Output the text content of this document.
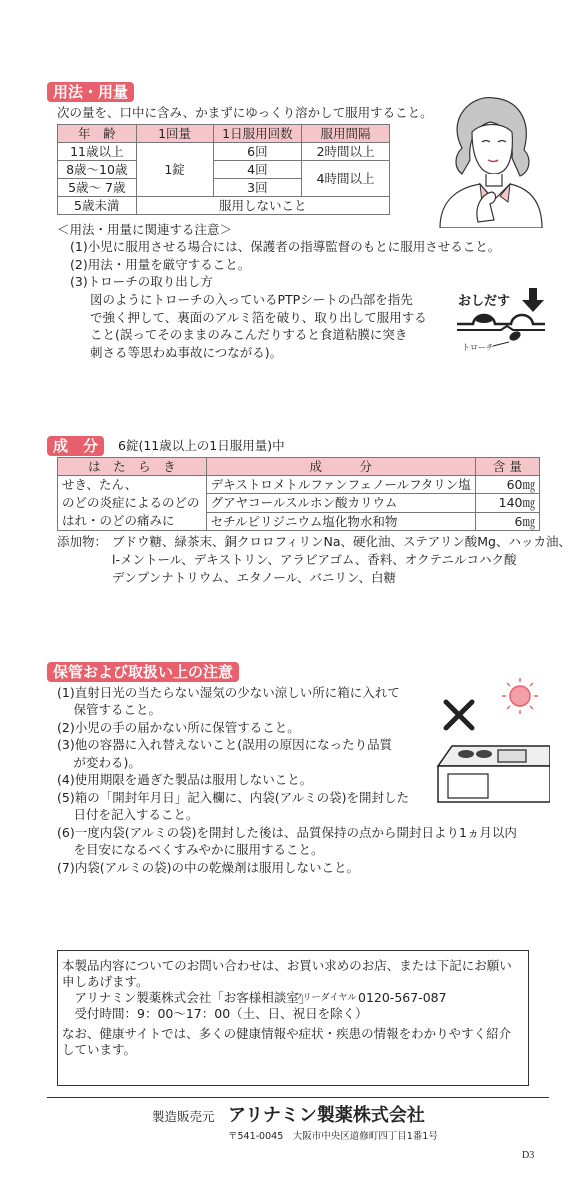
用法・用量
次の量を、口中に含み、かまずにゆっくり溶かして服用すること。
年　齢	1回量	1日服用回数	服用間隔
11歳以上	1錠	6回	2時間以上
8歳～10歳		4回	4時間以上
5歳～ 7歳		3回	
5歳未満	服用しないこと		
＜用法・用量に関連する注意＞
(1)小児に服用させる場合には、保護者の指導監督のもとに服用させること。
(2)用法・用量を厳守すること。
(3)トローチの取り出し方
図のようにトローチの入っているPTPシートの凸部を指先
で強く押して、裏面のアルミ箔を破り、取り出して服用する
こと(誤ってそのままのみこんだりすると食道粘膜に突き
刺さる等思わぬ事故につながる)。
おしだす
トローチ
成　分	6錠(11歳以上の1日服用量)中
は　た　ら　き	成　　　分	含 量

せき、たん、
のどの炎症によるのどの
はれ・のどの痛みに	デキストロメトルファンフェノールフタリン塩	60㎎
	グアヤコールスルホン酸カリウム	140㎎
	セチルピリジニウム塩化物水和物	6㎎
添加物： ブドウ糖、緑茶末、銅クロロフィリンNa、硬化油、ステアリン酸Mg、ハッカ油、
l-メントール、デキストリン、アラビアゴム、香料、オクテニルコハク酸
デンプンナトリウム、エタノール、バニリン、白糖
保管および取扱い上の注意
(1)直射日光の当たらない湿気の少ない涼しい所に箱に入れて
　 保管すること。
(2)小児の手の届かない所に保管すること。
(3)他の容器に入れ替えないこと(誤用の原因になったり品質
　 が変わる)。
(4)使用期限を過ぎた製品は服用しないこと。
(5)箱の「開封年月日」記入欄に、内袋(アルミの袋)を開封した
　 日付を記入すること。
(6)一度内袋(アルミの袋)を開封した後は、品質保持の点から開封日より1ヵ月以内
　 を目安になるべくすみやかに服用すること。
(7)内袋(アルミの袋)の中の乾燥剤は服用しないこと。
本製品内容についてのお問い合わせは、お買い求めのお店、または下記にお願い
申しあげます。
　アリナミン製薬株式会社「お客様相談室」
フリーダイヤル 0120-567-087
　受付時間：9：00～17：00（土、日、祝日を除く）
なお、健康サイトでは、多くの健康情報や症状・疾患の情報をわかりやすく紹介
しています。
製造販売元 アリナミン製薬株式会社
〒541-0045　大阪市中央区道修町四丁目1番1号
D3
